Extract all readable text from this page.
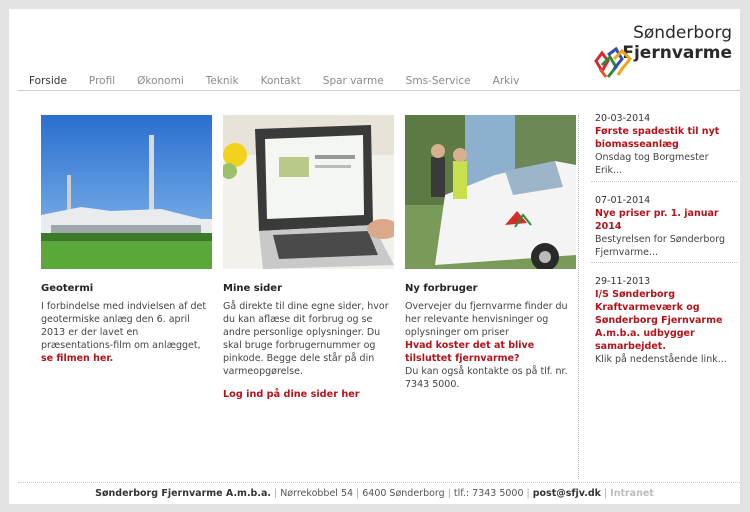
Sønderborg
Fjernvarme
Forside Profil Økonomi Teknik Kontakt Spar varme Sms-Service Arkiv
Geotermi

I forbindelse med indvielsen af det geotermiske anlæg den 6. april 2013 er der lavet en præsentations-film om anlægget, se filmen her.

Mine sider

Gå direkte til dine egne sider, hvor du kan aflæse dit forbrug og se andre personlige oplysninger. Du skal bruge forbrugernummer og pinkode. Begge dele står på din varmeopgørelse.

Log ind på dine sider her
Ny forbruger

Overvejer du fjernvarme finder du her relevante henvisninger og oplysninger om priser
Hvad koster det at blive tilsluttet fjernvarme?
Du kan også kontakte os på tlf. nr. 7343 5000.

20-03-2014
Første spadestik til nyt biomasseanlæg
Onsdag tog Borgmester Erik...
07-01-2014
Nye priser pr. 1. januar 2014
Bestyrelsen for Sønderborg Fjernvarme...
29-11-2013
I/S Sønderborg Kraftvarmeværk og Sønderborg Fjernvarme A.m.b.a. udbygger samarbejdet.
Klik på nedenstående link...
Sønderborg Fjernvarme A.m.b.a. | Nørrekobbel 54 | 6400 Sønderborg | tlf.: 7343 5000 | post@sfjv.dk | Intranet
